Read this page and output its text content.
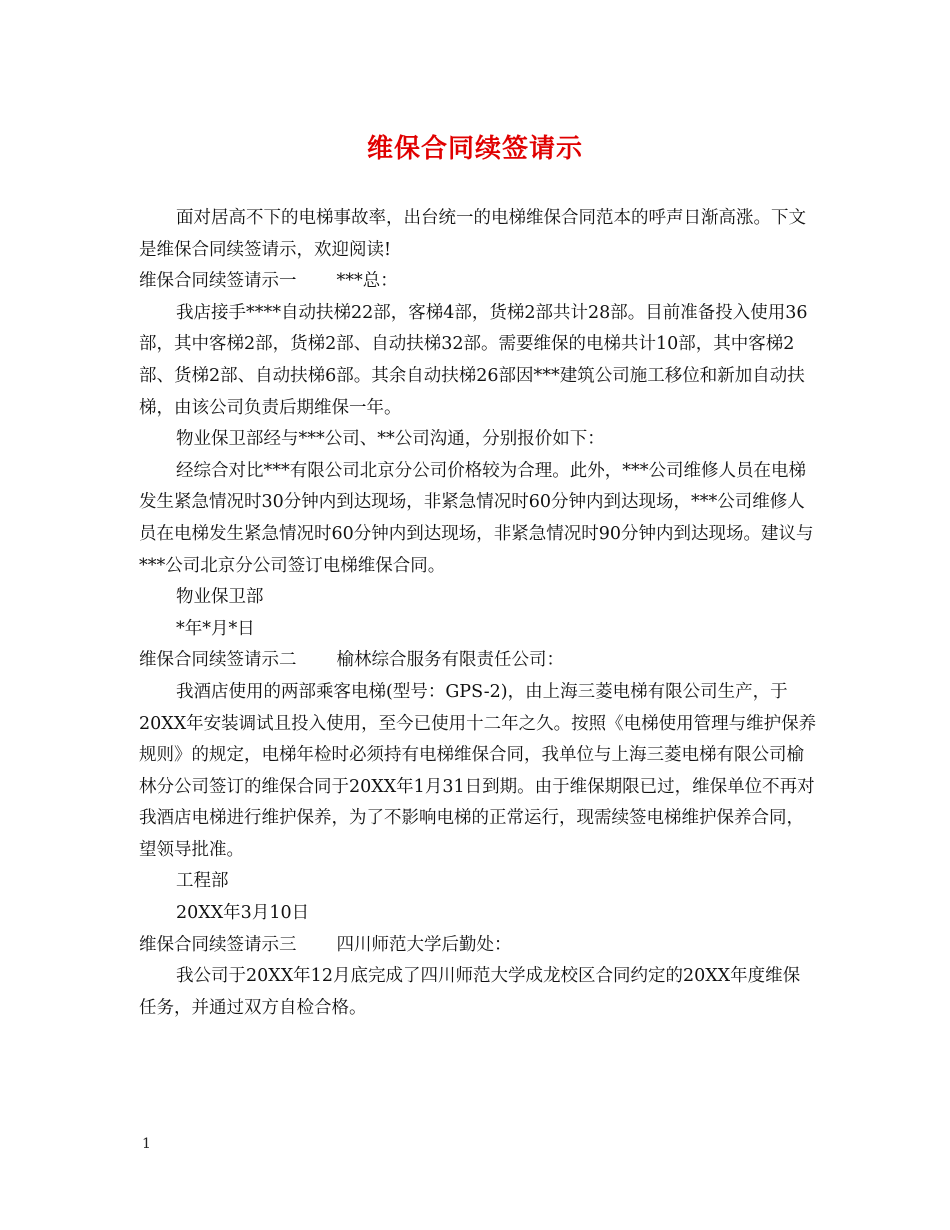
维保合同续签请示

面对居高不下的电梯事故率，出台统一的电梯维保合同范本的呼声日渐高涨。下文是维保合同续签请示，欢迎阅读!

维保合同续签请示一 ***总：

我店接手****自动扶梯22部，客梯4部，货梯2部共计28部。目前准备投入使用36部，其中客梯2部，货梯2部、自动扶梯32部。需要维保的电梯共计10部，其中客梯2部、货梯2部、自动扶梯6部。其余自动扶梯26部因***建筑公司施工移位和新加自动扶梯，由该公司负责后期维保一年。

物业保卫部经与***公司、**公司沟通，分别报价如下：

经综合对比***有限公司北京分公司价格较为合理。此外，***公司维修人员在电梯发生紧急情况时30分钟内到达现场，非紧急情况时60分钟内到达现场，***公司维修人员在电梯发生紧急情况时60分钟内到达现场，非紧急情况时90分钟内到达现场。建议与***公司北京分公司签订电梯维保合同。

物业保卫部

*年*月*日

维保合同续签请示二 榆林综合服务有限责任公司：

我酒店使用的两部乘客电梯(型号：GPS-2)，由上海三菱电梯有限公司生产，于20XX年安装调试且投入使用，至今已使用十二年之久。按照《电梯使用管理与维护保养规则》的规定，电梯年检时必须持有电梯维保合同，我单位与上海三菱电梯有限公司榆林分公司签订的维保合同于20XX年1月31日到期。由于维保期限已过，维保单位不再对我酒店电梯进行维护保养，为了不影响电梯的正常运行，现需续签电梯维护保养合同，望领导批准。

工程部

20XX年3月10日

维保合同续签请示三 四川师范大学后勤处：

我公司于20XX年12月底完成了四川师范大学成龙校区合同约定的20XX年度维保任务，并通过双方自检合格。

1
